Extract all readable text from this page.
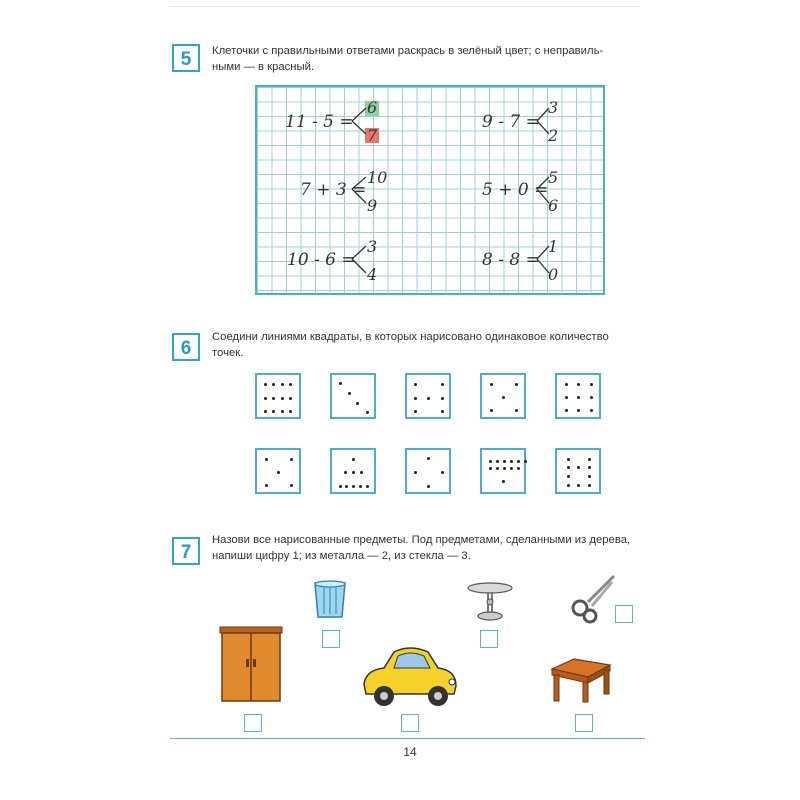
5	Клеточки с правильными ответами раскрась в зелёный цвет; с неправиль-
ными — в красный.
11 - 5 =
6
7
9 - 7 =
3
2
7 + 3 =
10
9
5 + 0 =
5
6
10 - 6 =
3
4
8 - 8 =
1
0
6
Соедини линиями квадраты, в которых нарисовано одинаковое количество
точек.
7
Назови все нарисованные предметы. Под предметами, сделанными из дерева,
напиши цифру 1; из металла — 2, из стекла — 3.
14
